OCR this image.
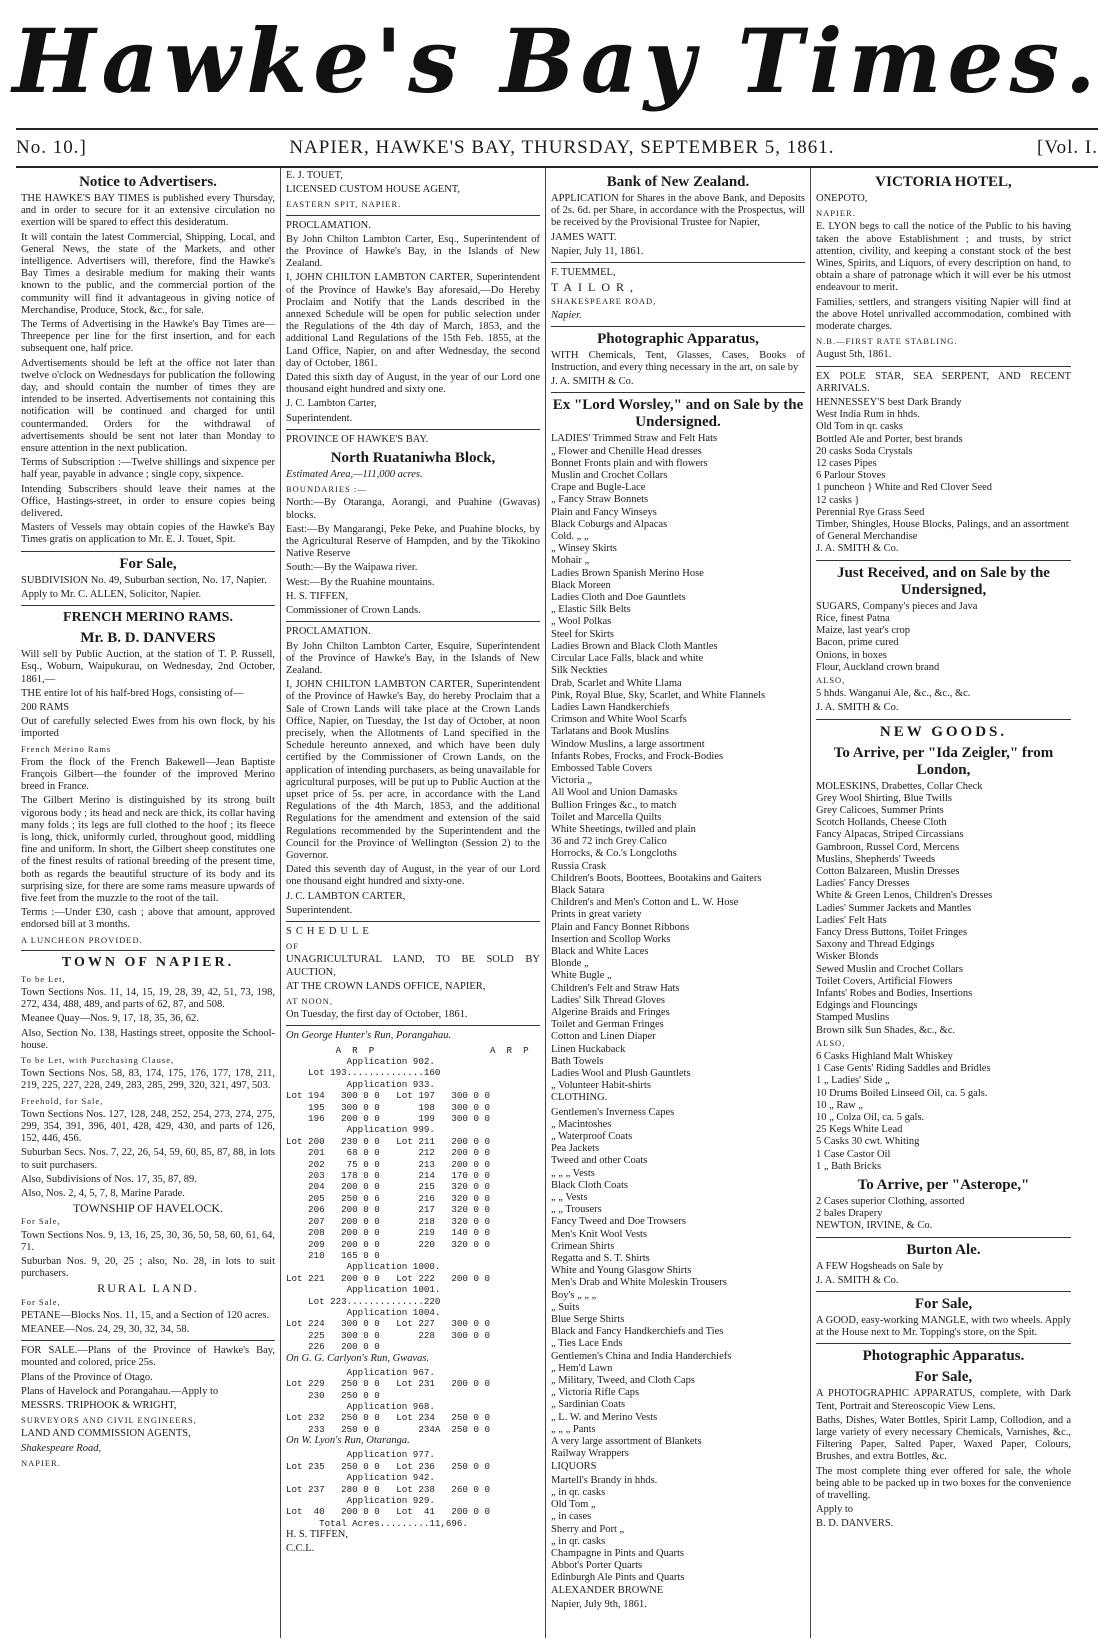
Hawke's Bay Times.
No. 10.]	NAPIER, HAWKE'S BAY, THURSDAY, SEPTEMBER 5, 1861.	[Vol. I.
Notice to Advertisers.

THE HAWKE'S BAY TIMES is published every Thursday, and in order to secure for it an extensive circulation no exertion will be spared to effect this desideratum.

It will contain the latest Commercial, Shipping, Local, and General News, the state of the Markets, and other intelligence. Advertisers will, therefore, find the Hawke's Bay Times a desirable medium for making their wants known to the public, and the commercial portion of the community will find it advantageous in giving notice of Merchandise, Produce, Stock, &c., for sale.

The Terms of Advertising in the Hawke's Bay Times are—Threepence per line for the first insertion, and for each subsequent one, half price.

Advertisements should be left at the office not later than twelve o'clock on Wednesdays for publication the following day, and should contain the number of times they are intended to be inserted. Advertisements not containing this notification will be continued and charged for until countermanded. Orders for the withdrawal of advertisements should be sent not later than Monday to ensure attention in the next publication.

Terms of Subscription :—Twelve shillings and sixpence per half year, payable in advance ; single copy, sixpence.

Intending Subscribers should leave their names at the Office, Hastings-street, in order to ensure copies being delivered.

Masters of Vessels may obtain copies of the Hawke's Bay Times gratis on application to Mr. E. J. Touet, Spit.

For Sale,

SUBDIVISION No. 49, Suburban section, No. 17, Napier.

Apply to Mr. C. ALLEN, Solicitor, Napier.

FRENCH MERINO RAMS.
Mr. B. D. DANVERS

Will sell by Public Auction, at the station of T. P. Russell, Esq., Woburn, Waipukurau, on Wednesday, 2nd October, 1861,—

THE entire lot of his half-bred Hogs, consisting of—

200 RAMS

Out of carefully selected Ewes from his own flock, by his imported

French Merino Rams

From the flock of the French Bakewell—Jean Baptiste François Gilbert—the founder of the improved Merino breed in France.

The Gilbert Merino is distinguished by its strong built vigorous body ; its head and neck are thick, its collar having many folds ; its legs are full clothed to the hoof ; its fleece is long, thick, uniformly curled, throughout good, middling fine and uniform. In short, the Gilbert sheep constitutes one of the finest results of rational breeding of the present time, both as regards the beautiful structure of its body and its surprising size, for there are some rams measure upwards of five feet from the muzzle to the root of the tail.

Terms :—Under £30, cash ; above that amount, approved endorsed bill at 3 months.

A LUNCHEON PROVIDED.

TOWN OF NAPIER.

To be Let,

Town Sections Nos. 11, 14, 15, 19, 28, 39, 42, 51, 73, 198, 272, 434, 488, 489, and parts of 62, 87, and 508.

Meanee Quay—Nos. 9, 17, 18, 35, 36, 62.

Also, Section No. 138, Hastings street, opposite the School-house.

To be Let, with Purchasing Clause,

Town Sections Nos. 58, 83, 174, 175, 176, 177, 178, 211, 219, 225, 227, 228, 249, 283, 285, 299, 320, 321, 497, 503.

Freehold, for Sale,

Town Sections Nos. 127, 128, 248, 252, 254, 273, 274, 275, 299, 354, 391, 396, 401, 428, 429, 430, and parts of 126, 152, 446, 456.

Suburban Secs. Nos. 7, 22, 26, 54, 59, 60, 85, 87, 88, in lots to suit purchasers.

Also, Subdivisions of Nos. 17, 35, 87, 89.

Also, Nos. 2, 4, 5, 7, 8, Marine Parade.

TOWNSHIP OF HAVELOCK.

For Sale,

Town Sections Nos. 9, 13, 16, 25, 30, 36, 50, 58, 60, 61, 64, 71.

Suburban Nos. 9, 20, 25 ; also, No. 28, in lots to suit purchasers.

RURAL LAND.

For Sale,

PETANE—Blocks Nos. 11, 15, and a Section of 120 acres.

MEANEE—Nos. 24, 29, 30, 32, 34, 58.

FOR SALE.—Plans of the Province of Hawke's Bay, mounted and colored, price 25s.

Plans of the Province of Otago.

Plans of Havelock and Porangahau.—Apply to

MESSRS. TRIPHOOK & WRIGHT,

SURVEYORS AND CIVIL ENGINEERS,

LAND AND COMMISSION AGENTS,

Shakespeare Road,

NAPIER.

E. J. TOUET,

LICENSED CUSTOM HOUSE AGENT,

EASTERN SPIT, NAPIER.

PROCLAMATION.

By John Chilton Lambton Carter, Esq., Superintendent of the Province of Hawke's Bay, in the Islands of New Zealand.

I, JOHN CHILTON LAMBTON CARTER, Superintendent of the Province of Hawke's Bay aforesaid,—Do Hereby Proclaim and Notify that the Lands described in the annexed Schedule will be open for public selection under the Regulations of the 4th day of March, 1853, and the additional Land Regulations of the 15th Feb. 1855, at the Land Office, Napier, on and after Wednesday, the second day of October, 1861.

Dated this sixth day of August, in the year of our Lord one thousand eight hundred and sixty one.

J. C. Lambton Carter,

Superintendent.

PROVINCE OF HAWKE'S BAY.

North Ruataniwha Block,

Estimated Area,—111,000 acres.

BOUNDARIES :—

North:—By Otaranga, Aorangi, and Puahine (Gwavas) blocks.

East:—By Mangarangi, Peke Peke, and Puahine blocks, by the Agricultural Reserve of Hampden, and by the Tikokino Native Reserve

South:—By the Waipawa river.

West:—By the Ruahine mountains.

H. S. TIFFEN,

Commissioner of Crown Lands.

PROCLAMATION.

By John Chilton Lambton Carter, Esquire, Superintendent of the Province of Hawke's Bay, in the Islands of New Zealand.

I, JOHN CHILTON LAMBTON CARTER, Superintendent of the Province of Hawke's Bay, do hereby Proclaim that a Sale of Crown Lands will take place at the Crown Lands Office, Napier, on Tuesday, the 1st day of October, at noon precisely, when the Allotments of Land specified in the Schedule hereunto annexed, and which have been duly certified by the Commissioner of Crown Lands, on the application of intending purchasers, as being unavailable for agricultural purposes, will be put up to Public Auction at the upset price of 5s. per acre, in accordance with the Land Regulations of the 4th March, 1853, and the additional Regulations for the amendment and extension of the said Regulations recommended by the Superintendent and the Council for the Province of Wellington (Session 2) to the Governor.

Dated this seventh day of August, in the year of our Lord one thousand eight hundred and sixty-one.

J. C. LAMBTON CARTER,

Superintendent.

SCHEDULE

OF

UNAGRICULTURAL LAND, TO BE SOLD BY AUCTION,

AT THE CROWN LANDS OFFICE, NAPIER,

AT NOON,

On Tuesday, the first day of October, 1861.

On George Hunter's Run, Porangahau.

A  R  P                     A  R  P
Application 902.
Lot 193..............160
Application 933.
Lot 194   300 0 0   Lot 197   300 0 0
195   300 0 0       198   300 0 0
196   200 0 0       199   300 0 0
Application 999.
Lot 200   230 0 0   Lot 211   200 0 0
201    68 0 0       212   200 0 0
202    75 0 0       213   200 0 0
203   178 0 0       214   170 0 0
204   200 0 0       215   320 0 0
205   250 0 6       216   320 0 0
206   200 0 0       217   320 0 0
207   200 0 0       218   320 0 0
208   200 0 0       219   140 0 0
209   200 0 0       220   320 0 0
210   165 0 0
Application 1000.
Lot 221   200 0 0   Lot 222   200 0 0
Application 1001.
Lot 223..............220
Application 1004.
Lot 224   300 0 0   Lot 227   300 0 0
225   300 0 0       228   300 0 0
226   200 0 0

On G. G. Carlyon's Run, Gwavas.

Application 967.
Lot 229   250 0 0   Lot 231   200 0 0
230   250 0 0
Application 968.
Lot 232   250 0 0   Lot 234   250 0 0
233   250 0 0       234A  250 0 0

On W. Lyon's Run, Otaranga.

Application 977.
Lot 235   250 0 0   Lot 236   250 0 0
Application 942.
Lot 237   280 0 0   Lot 238   260 0 0
Application 929.
Lot  40   200 0 0   Lot  41   200 0 0
Total Acres.........11,696.

H. S. TIFFEN,

C.C.L.

Bank of New Zealand.

APPLICATION for Shares in the above Bank, and Deposits of 2s. 6d. per Share, in accordance with the Prospectus, will be received by the Provisional Trustee for Napier,

JAMES WATT.

Napier, July 11, 1861.

F. TUEMMEL,

TAILOR,

SHAKESPEARE ROAD,

Napier.

Photographic Apparatus,

WITH Chemicals, Tent, Glasses, Cases, Books of Instruction, and every thing necessary in the art, on sale by

J. A. SMITH & Co.

Ex "Lord Worsley," and on Sale by the Undersigned.
LADIES' Trimmed Straw and Felt Hats
„ Flower and Chenille Head dresses
Bonnet Fronts plain and with flowers
Muslin and Crochet Collars
Crape and Bugle-Lace
„ Fancy Straw Bonnets
Plain and Fancy Winseys
Black Coburgs and Alpacas
Cold. „ „
„ Winsey Skirts
Mohair „
Ladies Brown Spanish Merino Hose
Black Moreen
Ladies Cloth and Doe Gauntlets
„ Elastic Silk Belts
„ Wool Polkas
Steel for Skirts
Ladies Brown and Black Cloth Mantles
Circular Lace Falls, black and white
Silk Neckties
Drab, Scarlet and White Llama
Pink, Royal Blue, Sky, Scarlet, and White Flannels
Ladies Lawn Handkerchiefs
Crimson and White Wool Scarfs
Tarlatans and Book Muslins
Window Muslins, a large assortment
Infants Robes, Frocks, and Frock-Bodies
Embossed Table Covers
Victoria „
All Wool and Union Damasks
Bullion Fringes &c., to match
Toilet and Marcella Quilts
White Sheetings, twilled and plain
36 and 72 inch Grey Calico
Horrocks, & Co.'s Longcloths
Russia Crask
Children's Boots, Boottees, Bootakins and Gaiters
Black Satara
Children's and Men's Cotton and L. W. Hose
Prints in great variety
Plain and Fancy Bonnet Ribbons
Insertion and Scollop Works
Black and White Laces
Blonde „
White Bugle „
Children's Felt and Straw Hats
Ladies' Silk Thread Gloves
Algerine Braids and Fringes
Toilet and German Fringes
Cotton and Linen Diaper
Linen Huckaback
Bath Towels
Ladies Wool and Plush Gauntlets
„ Volunteer Habit-shirts

CLOTHING.

Gentlemen's Inverness Capes
„ Macintoshes
„ Waterproof Coats
Pea Jackets
Tweed and other Coats
„ „ „ Vests
Black Cloth Coats
„ „ Vests
„ „ Trousers
Fancy Tweed and Doe Trowsers
Men's Knit Wool Vests
Crimean Shirts
Regatta and S. T. Shirts
White and Young Glasgow Shirts
Men's Drab and White Moleskin Trousers
Boy's „ „ „
„ Suits
Blue Serge Shirts
Black and Fancy Handkerchiefs and Ties
„ Ties Lace Ends
Gentlemen's China and India Handerchiefs
„ Hem'd Lawn
„ Military, Tweed, and Cloth Caps
„ Victoria Rifle Caps
„ Sardinian Coats
„ L. W. and Merino Vests
„ „ „ Pants
A very large assortment of Blankets
Railway Wrappers

LIQUORS

Martell's Brandy in hhds.
„ in qr. casks
Old Tom „
„ in cases
Sherry and Port „
„ in qr. casks
Champagne in Pints and Quarts
Abbot's Porter Quarts
Edinburgh Ale Pints and Quarts

ALEXANDER BROWNE

Napier, July 9th, 1861.

VICTORIA HOTEL,

ONEPOTO,

NAPIER.

E. LYON begs to call the notice of the Public to his having taken the above Establishment ; and trusts, by strict attention, civility, and keeping a constant stock of the best Wines, Spirits, and Liquors, of every description on hand, to obtain a share of patronage which it will ever be his utmost endeavour to merit.

Families, settlers, and strangers visiting Napier will find at the above Hotel unrivalled accommodation, combined with moderate charges.

N.B.—FIRST RATE STABLING.

August 5th, 1861.

EX POLE STAR, SEA SERPENT, AND RECENT ARRIVALS.

HENNESSEY'S best Dark Brandy
West India Rum in hhds.
Old Tom in qr. casks
Bottled Ale and Porter, best brands
20 casks Soda Crystals
12 cases Pipes
6 Parlour Stoves
1 puncheon } White and Red Clover Seed
12 casks }
Perennial Rye Grass Seed
Timber, Shingles, House Blocks, Palings, and an assortment of General Merchandise

J. A. SMITH & Co.

Just Received, and on Sale by the Undersigned,
SUGARS, Company's pieces and Java
Rice, finest Patna
Maize, last year's crop
Bacon, prime cured
Onions, in boxes
Flour, Auckland crown brand

ALSO,

5 hhds. Wanganui Ale, &c., &c., &c.

J. A. SMITH & Co.

NEW GOODS.
To Arrive, per "Ida Zeigler," from London,
MOLESKINS, Drabettes, Collar Check
Grey Wool Shirting, Blue Twills
Grey Calicoes, Summer Prints
Scotch Hollands, Cheese Cloth
Fancy Alpacas, Striped Circassians
Gambroon, Russel Cord, Mercens
Muslins, Shepherds' Tweeds
Cotton Balzareen, Muslin Dresses
Ladies' Fancy Dresses
White & Green Lenos, Children's Dresses
Ladies' Summer Jackets and Mantles
Ladies' Felt Hats
Fancy Dress Buttons, Toilet Fringes
Saxony and Thread Edgings
Wisker Blonds
Sewed Muslin and Crochet Collars
Toilet Covers, Artificial Flowers
Infants' Robes and Bodies, Insertions
Edgings and Flouncings
Stamped Muslins
Brown silk Sun Shades, &c., &c.

ALSO,

6 Casks Highland Malt Whiskey
1 Case Gents' Riding Saddles and Bridles
1 „ Ladies' Side „
10 Drums Boiled Linseed Oil, ca. 5 gals.
10 „ Raw „
10 „ Colza Oil, ca. 5 gals.
25 Kegs White Lead
5 Casks 30 cwt. Whiting
1 Case Castor Oil
1 „ Bath Bricks
To Arrive, per "Asterope,"
2 Cases superior Clothing, assorted
2 bales Drapery

NEWTON, IRVINE, & Co.

Burton Ale.

A FEW Hogsheads on Sale by

J. A. SMITH & Co.

For Sale,

A GOOD, easy-working MANGLE, with two wheels. Apply at the House next to Mr. Topping's store, on the Spit.

Photographic Apparatus.
For Sale,

A PHOTOGRAPHIC APPARATUS, complete, with Dark Tent, Portrait and Stereoscopic View Lens.

Baths, Dishes, Water Bottles, Spirit Lamp, Collodion, and a large variety of every necessary Chemicals, Varnishes, &c., Filtering Paper, Salted Paper, Waxed Paper, Colours, Brushes, and extra Bottles, &c.

The most complete thing ever offered for sale, the whole being able to be packed up in two boxes for the convenience of travelling.

Apply to

B. D. DANVERS.
